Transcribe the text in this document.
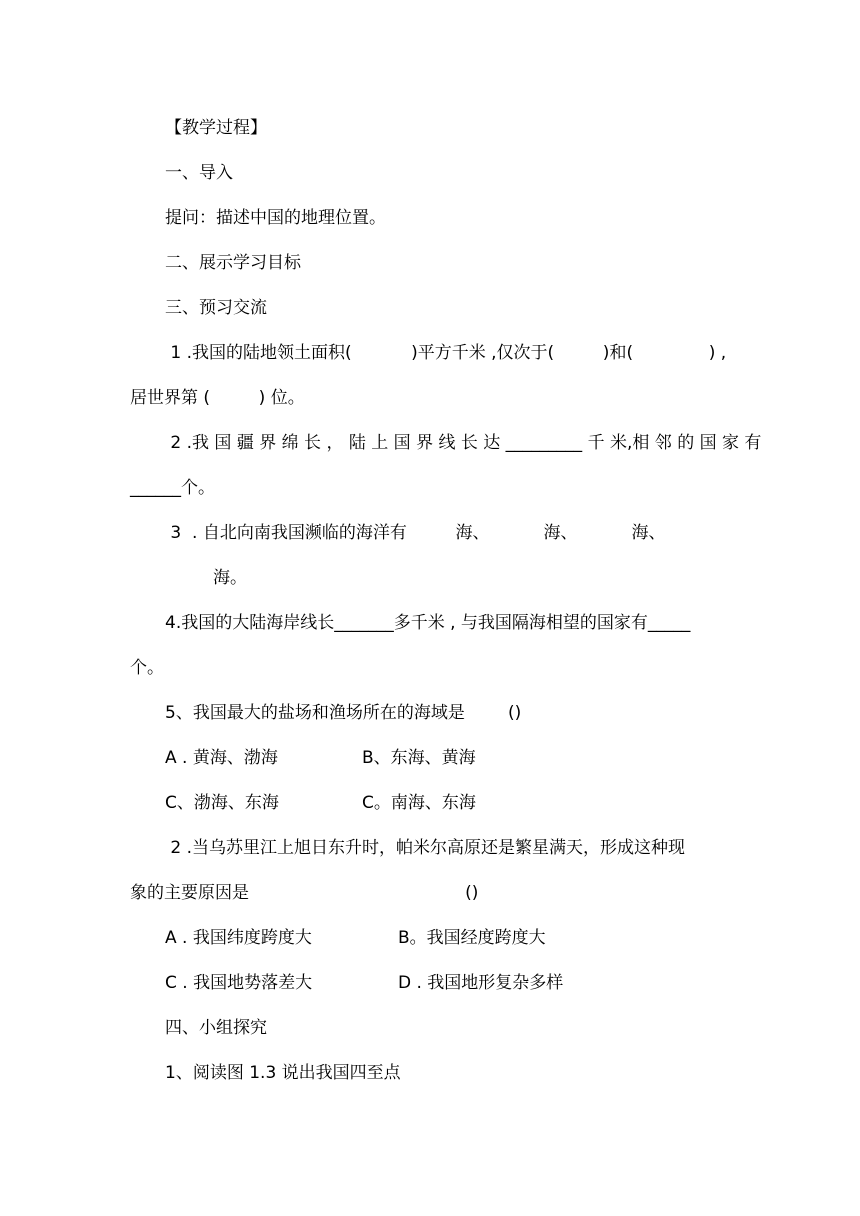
【教学过程】
一、导入
提问：描述中国的地理位置。
二、展示学习目标
三、预习交流
1 .我国的陆地领土面积(           )平方千米 ,仅次于(         )和(              ) ,
居世界第 (         ) 位。
2 .我 国 疆 界 绵 长 ， 陆 上 国 界 线 长 达 _________ 千 米,相 邻 的 国 家 有
______个。
3  . 自北向南我国濒临的海洋有         海、          海、          海、
海。
4.我国的大陆海岸线长_______多千米 , 与我国隔海相望的国家有_____
个。
5、我国最大的盐场和渔场所在的海域是        ()
A . 黄海、渤海	B、东海、黄海
C、渤海、东海	C。南海、东海
2 .当乌苏里江上旭日东升时，帕米尔高原还是繁星满天，形成这种现
象的主要原因是                                        ()
A . 我国纬度跨度大	B。我国经度跨度大
C . 我国地势落差大	D . 我国地形复杂多样
四、小组探究
1、阅读图 1.3 说出我国四至点
